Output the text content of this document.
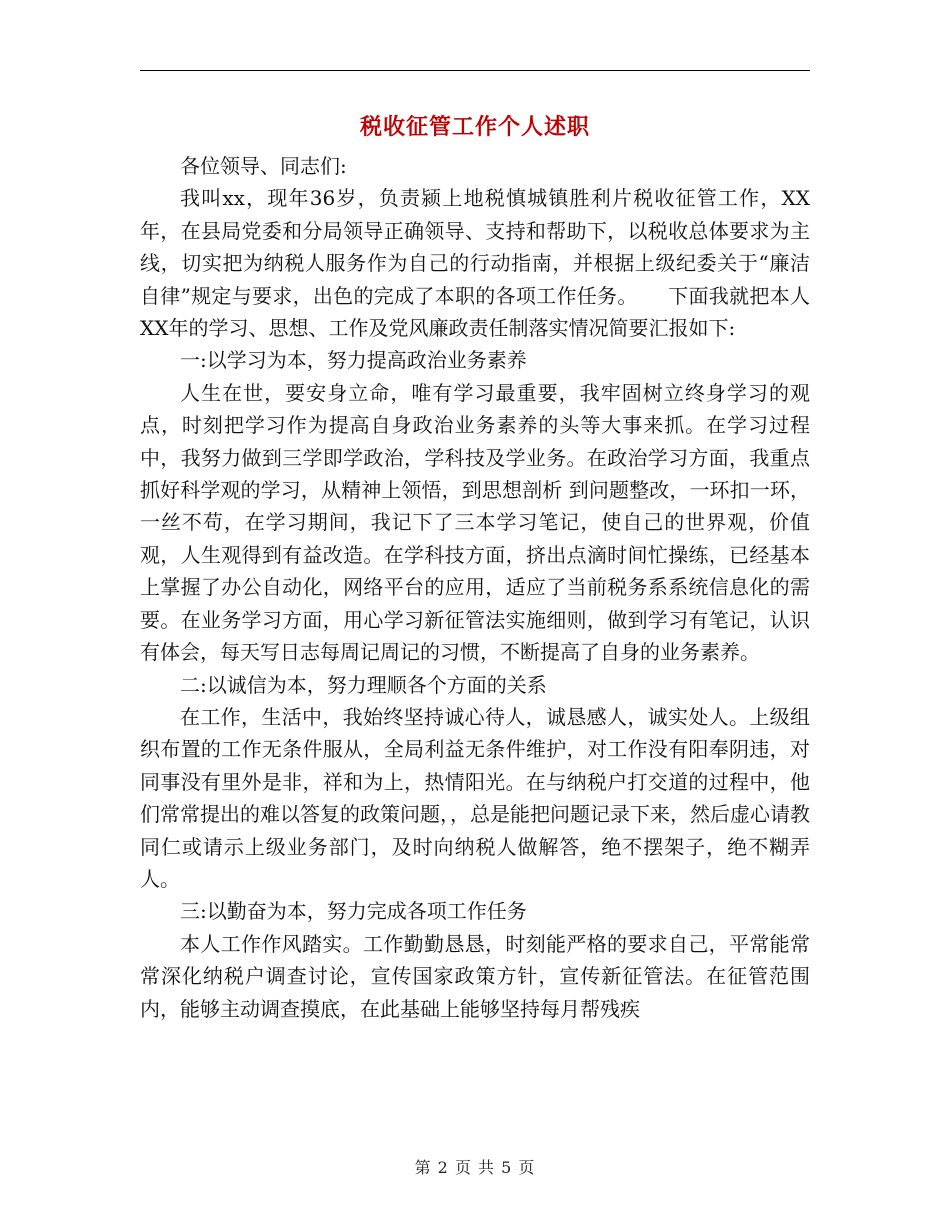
税收征管工作个人述职

各位领导、同志们:

我叫xx，现年36岁，负责颍上地税慎城镇胜利片税收征管工作，XX年，在县局党委和分局领导正确领导、支持和帮助下，以税收总体要求为主线，切实把为纳税人服务作为自己的行动指南，并根据上级纪委关于“廉洁自律”规定与要求，出色的完成了本职的各项工作任务。　　下面我就把本人XX年的学习、思想、工作及党风廉政责任制落实情况简要汇报如下:

一:以学习为本，努力提高政治业务素养

人生在世，要安身立命，唯有学习最重要，我牢固树立终身学习的观点，时刻把学习作为提高自身政治业务素养的头等大事来抓。在学习过程中，我努力做到三学即学政治，学科技及学业务。在政治学习方面，我重点抓好科学观的学习，从精神上领悟，到思想剖析 到问题整改，一环扣一环，一丝不苟，在学习期间，我记下了三本学习笔记，使自己的世界观，价值观，人生观得到有益改造。在学科技方面，挤出点滴时间忙操练，已经基本上掌握了办公自动化，网络平台的应用，适应了当前税务系系统信息化的需要。在业务学习方面，用心学习新征管法实施细则，做到学习有笔记，认识有体会，每天写日志每周记周记的习惯，不断提高了自身的业务素养。

二:以诚信为本，努力理顺各个方面的关系

在工作，生活中，我始终坚持诚心待人，诚恳感人，诚实处人。上级组织布置的工作无条件服从，全局利益无条件维护，对工作没有阳奉阴违，对同事没有里外是非，祥和为上，热情阳光。在与纳税户打交道的过程中，他们常常提出的难以答复的政策问题，，总是能把问题记录下来，然后虚心请教同仁或请示上级业务部门，及时向纳税人做解答，绝不摆架子，绝不糊弄人。

三:以勤奋为本，努力完成各项工作任务

本人工作作风踏实。工作勤勤恳恳，时刻能严格的要求自己，平常能常常深化纳税户调查讨论，宣传国家政策方针，宣传新征管法。在征管范围内，能够主动调查摸底，在此基础上能够坚持每月帮残疾

第 2 页 共 5 页
